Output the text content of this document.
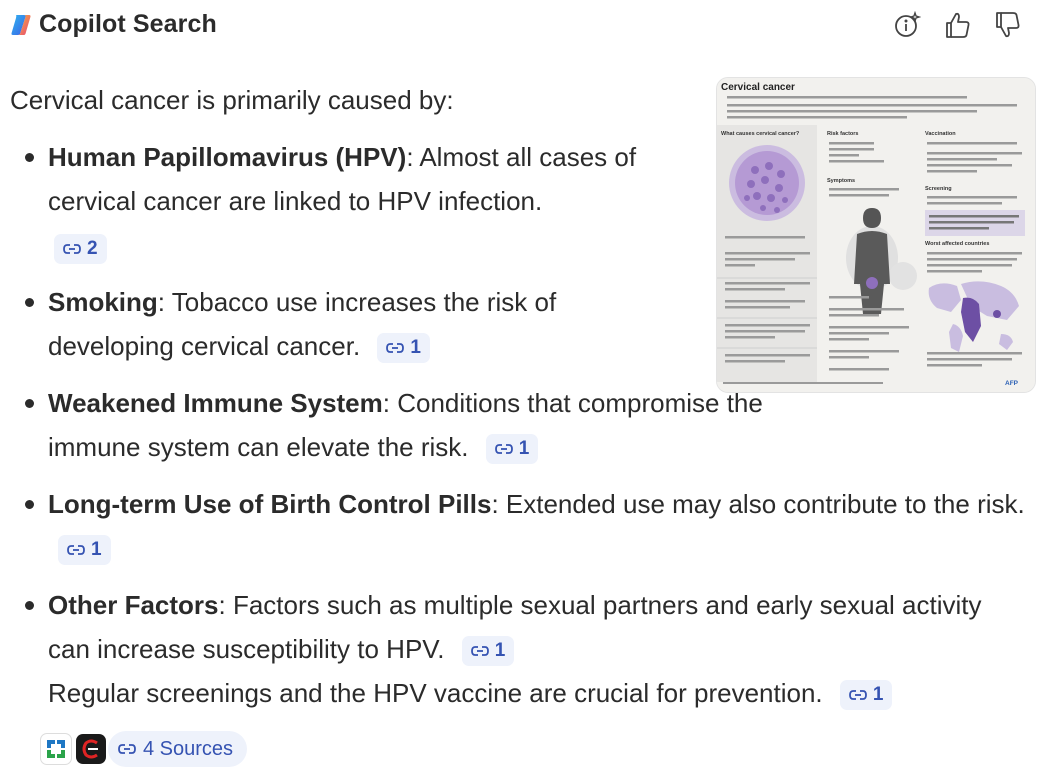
Copilot Search
Cervical cancer
What causes cervical cancer?	Risk factors
Symptoms
Vaccination
Screening
Worst affected countries
AFP

Cervical cancer is primarily caused by:

Human Papillomavirus (HPV): Almost all cases of cervical cancer are linked to HPV infection.

2
Smoking: Tobacco use increases the risk of developing cervical cancer.	1
Weakened Immune System: Conditions that compromise the immune system can elevate the risk.	1
Long-term Use of Birth Control Pills: Extended use may also contribute to the risk.
1
Other Factors: Factors such as multiple sexual partners and early sexual activity can increase susceptibility to HPV.	1

Regular screenings and the HPV vaccine are crucial for prevention.	1
4 Sources
